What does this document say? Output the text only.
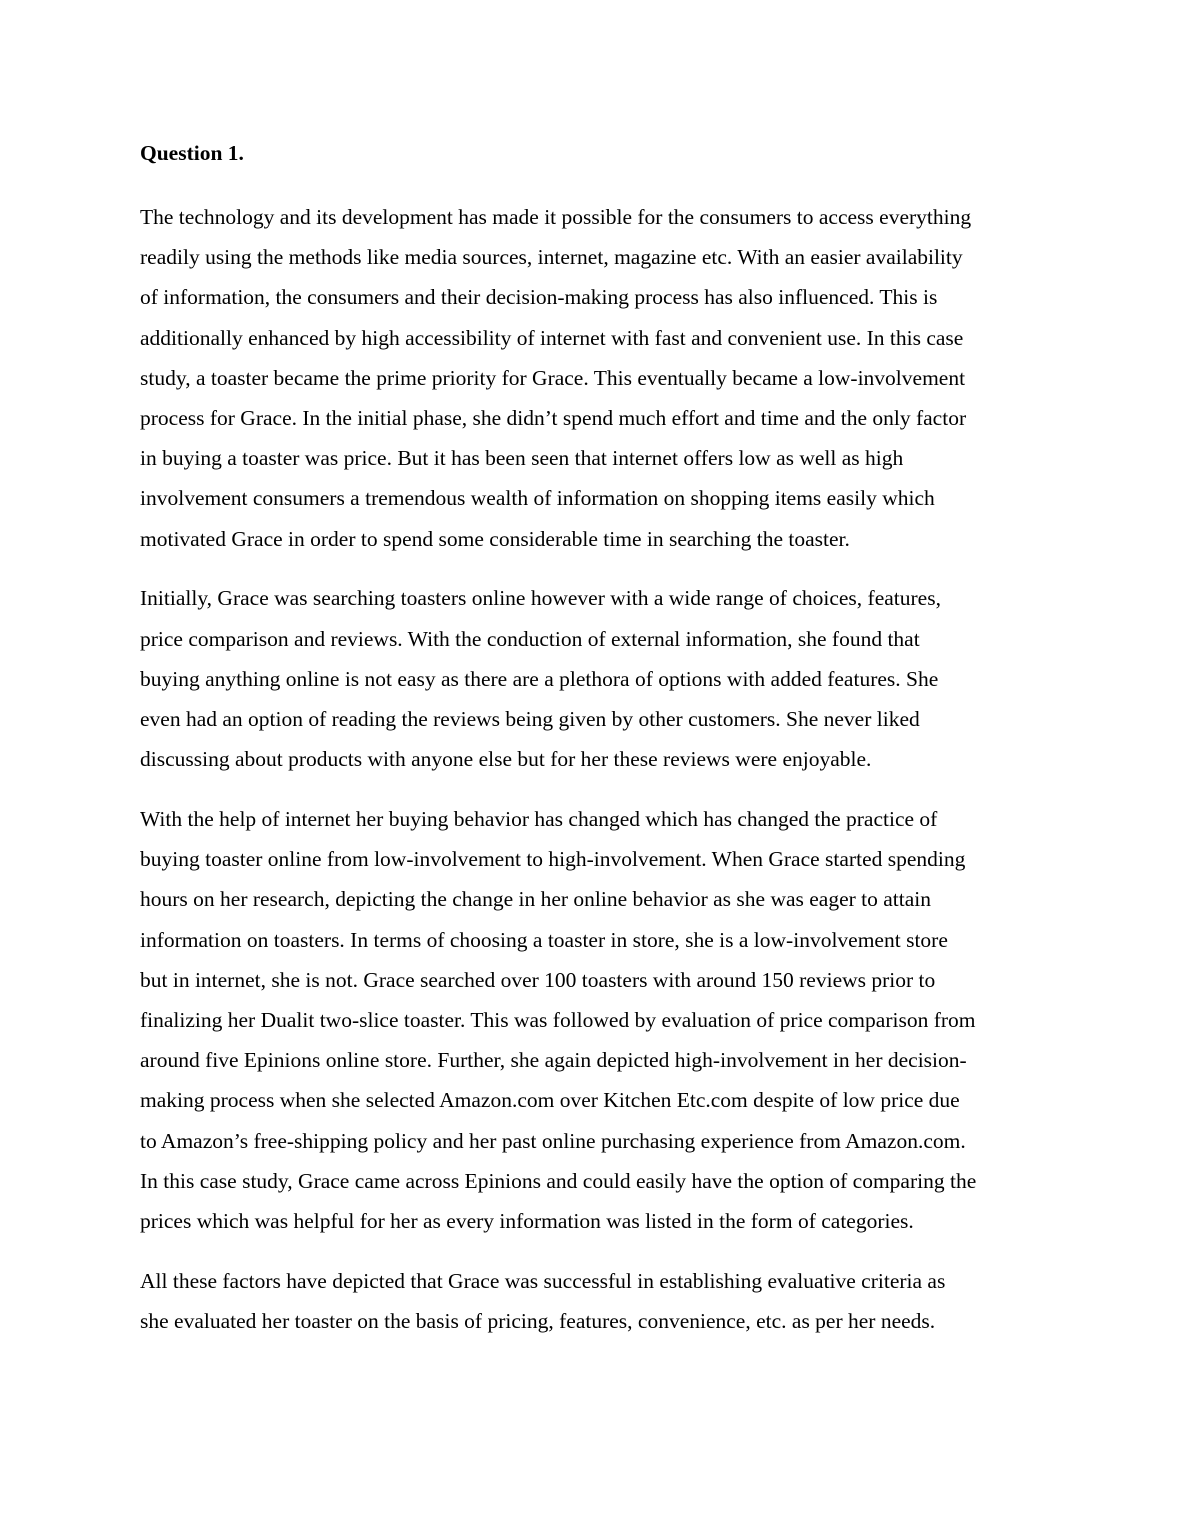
Question 1.
The technology and its development has made it possible for the consumers to access everything
readily using the methods like media sources, internet, magazine etc. With an easier availability
of information, the consumers and their decision-making process has also influenced. This is
additionally enhanced by high accessibility of internet with fast and convenient use. In this case
study, a toaster became the prime priority for Grace. This eventually became a low-involvement
process for Grace. In the initial phase, she didn’t spend much effort and time and the only factor
in buying a toaster was price. But it has been seen that internet offers low as well as high
involvement consumers a tremendous wealth of information on shopping items easily which
motivated Grace in order to spend some considerable time in searching the toaster.
Initially, Grace was searching toasters online however with a wide range of choices, features,
price comparison and reviews. With the conduction of external information, she found that
buying anything online is not easy as there are a plethora of options with added features. She
even had an option of reading the reviews being given by other customers. She never liked
discussing about products with anyone else but for her these reviews were enjoyable.
With the help of internet her buying behavior has changed which has changed the practice of
buying toaster online from low-involvement to high-involvement. When Grace started spending
hours on her research, depicting the change in her online behavior as she was eager to attain
information on toasters. In terms of choosing a toaster in store, she is a low-involvement store
but in internet, she is not. Grace searched over 100 toasters with around 150 reviews prior to
finalizing her Dualit two-slice toaster. This was followed by evaluation of price comparison from
around five Epinions online store. Further, she again depicted high-involvement in her decision-
making process when she selected Amazon.com over Kitchen Etc.com despite of low price due
to Amazon’s free-shipping policy and her past online purchasing experience from Amazon.com.
In this case study, Grace came across Epinions and could easily have the option of comparing the
prices which was helpful for her as every information was listed in the form of categories.
All these factors have depicted that Grace was successful in establishing evaluative criteria as
she evaluated her toaster on the basis of pricing, features, convenience, etc. as per her needs.
